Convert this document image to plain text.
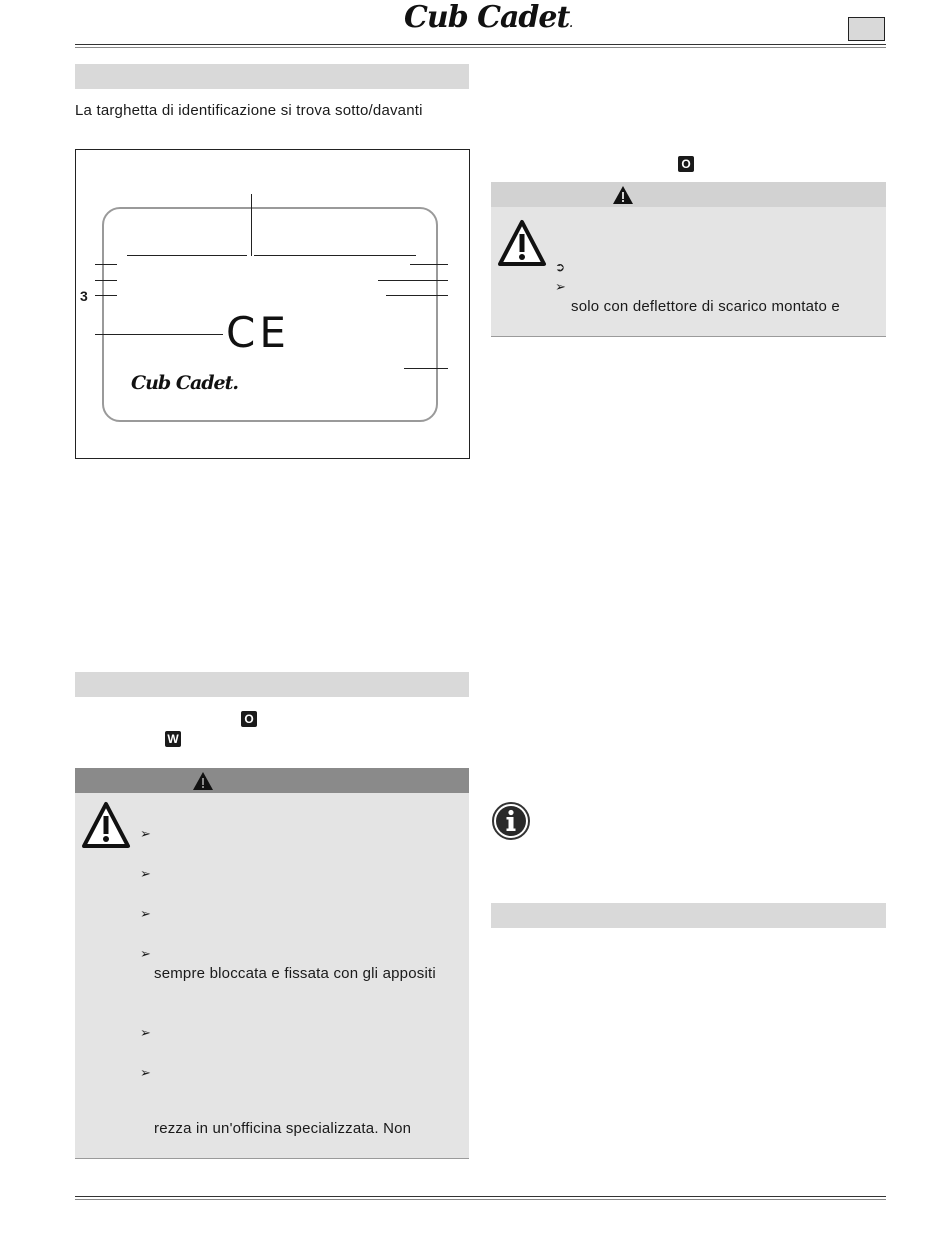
Cub Cadet.
La targhetta di identificazione si trova sotto/davanti
3
CE
Cub Cadet.
O
W
➢
➢
➢
➢
sempre bloccata e fissata con gli appositi
➢
➢
rezza in un'officina specializzata. Non
O
➲
➢
solo con deflettore di scarico montato e
